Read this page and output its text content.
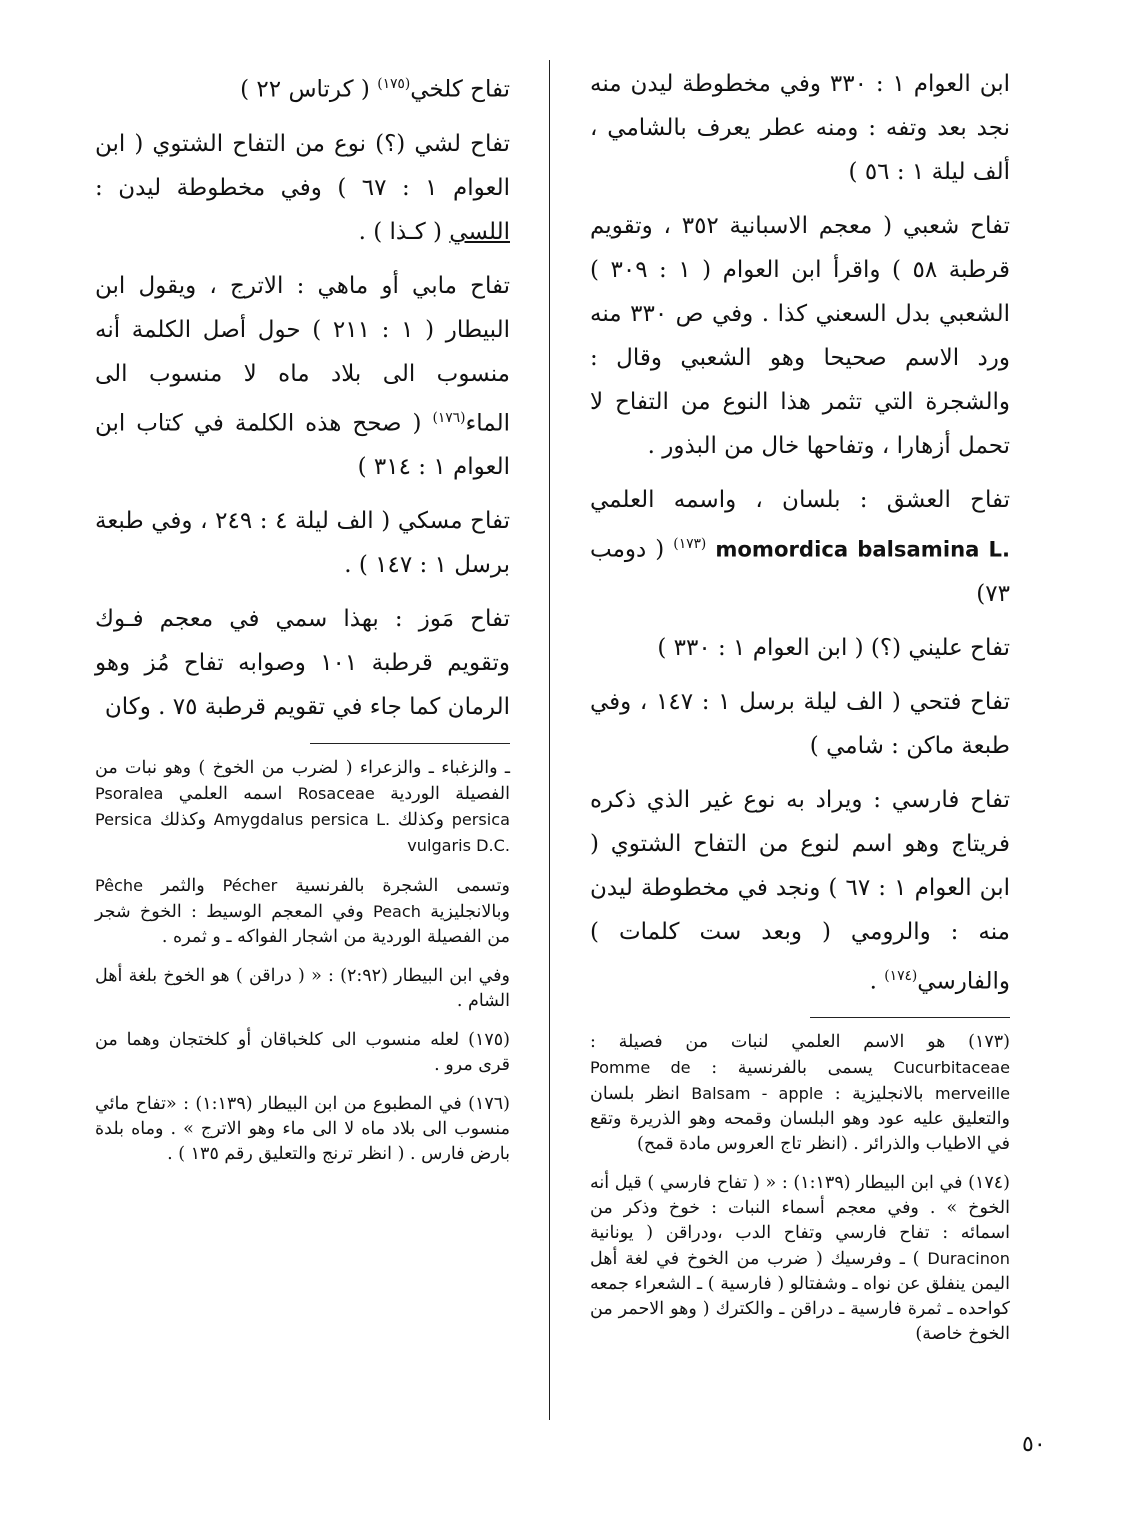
ابن العوام ١ : ٣٣٠ وفي مخطوطة ليدن منه نجد بعد وتفه : ومنه عطر يعرف بالشامي ، ألف ليلة ١ : ٥٦ )

تفاح شعبي ( معجم الاسبانية ٣٥٢ ، وتقويم قرطبة ٥٨ ) واقرأ ابن العوام ( ١ : ٣٠٩ ) الشعبي بدل السعني كذا . وفي ص ٣٣٠ منه ورد الاسم صحيحا وهو الشعبي وقال : والشجرة التي تثمر هذا النوع من التفاح لا تحمل أزهارا ، وتفاحها خال من البذور .

تفاح العشق : بلسان ، واسمه العلمي momordica balsamina L. $^{(١٧٣)}$ ( دومب ٧٣)

تفاح عليني (؟) ( ابن العوام ١ : ٣٣٠ )

تفاح فتحي ( الف ليلة برسل ١ : ١٤٧ ، وفي طبعة ماكن : شامي )

تفاح فارسي : ويراد به نوع غير الذي ذكره فريتاج وهو اسم لنوع من التفاح الشتوي ( ابن العوام ١ : ٦٧ ) ونجد في مخطوطة ليدن منه : والرومي ( وبعد ست كلمات ) والفارسي$^{(١٧٤)}$ .

(١٧٣) هو الاسم العلمي لنبات من فصيلة : Cucurbitaceae يسمى بالفرنسية : Pomme de merveille بالانجليزية : Balsam - apple انظر بلسان والتعليق عليه عود وهو البلسان وقمحه وهو الذريرة وتقع في الاطياب والذرائر . (انظر تاج العروس مادة قمح)

(١٧٤) في ابن البيطار (١:١٣٩) : « ( تفاح فارسي ) قيل أنه الخوخ » . وفي معجم أسماء النبات : خوخ وذكر من اسمائه : تفاح فارسي وتفاح الدب ،ودراقن ( يونانية Duracinon ) ـ وفرسيك ( ضرب من الخوخ في لغة أهل اليمن ينفلق عن نواه ـ وشفتالو ( فارسية ) ـ الشعراء جمعه كواحده ـ ثمرة فارسية ـ دراقن ـ والكترك ( وهو الاحمر من الخوخ خاصة)

تفاح كلخي$^{(١٧٥)}$ ( كرتاس ٢٢ )

تفاح لشي (؟) نوع من التفاح الشتوي ( ابن العوام ١ : ٦٧ ) وفي مخطوطة ليدن : اللسي ( كـذا ) .

تفاح مابي أو ماهي : الاترج ، ويقول ابن البيطار ( ١ : ٢١١ ) حول أصل الكلمة أنه منسوب الى بلاد ماه لا منسوب الى الماء$^{(١٧٦)}$ ( صحح هذه الكلمة في كتاب ابن العوام ١ : ٣١٤ )

تفاح مسكي ( الف ليلة ٤ : ٢٤٩ ، وفي طبعة برسل ١ : ١٤٧ ) .

تفاح مَوز : بهذا سمي في معجم فـوك وتقويم قرطبة ١٠١ وصوابه تفاح مُز وهو الرمان كما جاء في تقويم قرطبة ٧٥ . وكان

ـ والزغباء ـ والزعراء ( لضرب من الخوخ ) وهو نبات من الفصيلة الوردية Rosaceae اسمه العلمي Psoralea persica وكذلك Amygdalus persica L. وكذلك Persica vulgaris D.C.

وتسمى الشجرة بالفرنسية Pécher والثمر Pêche وبالانجليزية Peach وفي المعجم الوسيط : الخوخ شجر من الفصيلة الوردية من اشجار الفواكه ـ و ثمره .

وفي ابن البيطار (٢:٩٢) : « ( دراقن ) هو الخوخ بلغة أهل الشام .

(١٧٥) لعله منسوب الى كلخباقان أو كلختجان وهما من قرى مرو .

(١٧٦) في المطبوع من ابن البيطار (١:١٣٩) : «تفاح مائي منسوب الى بلاد ماه لا الى ماء وهو الاترج » . وماه بلدة بارض فارس . ( انظر ترنج والتعليق رقم ١٣٥ ) .

٥٠
